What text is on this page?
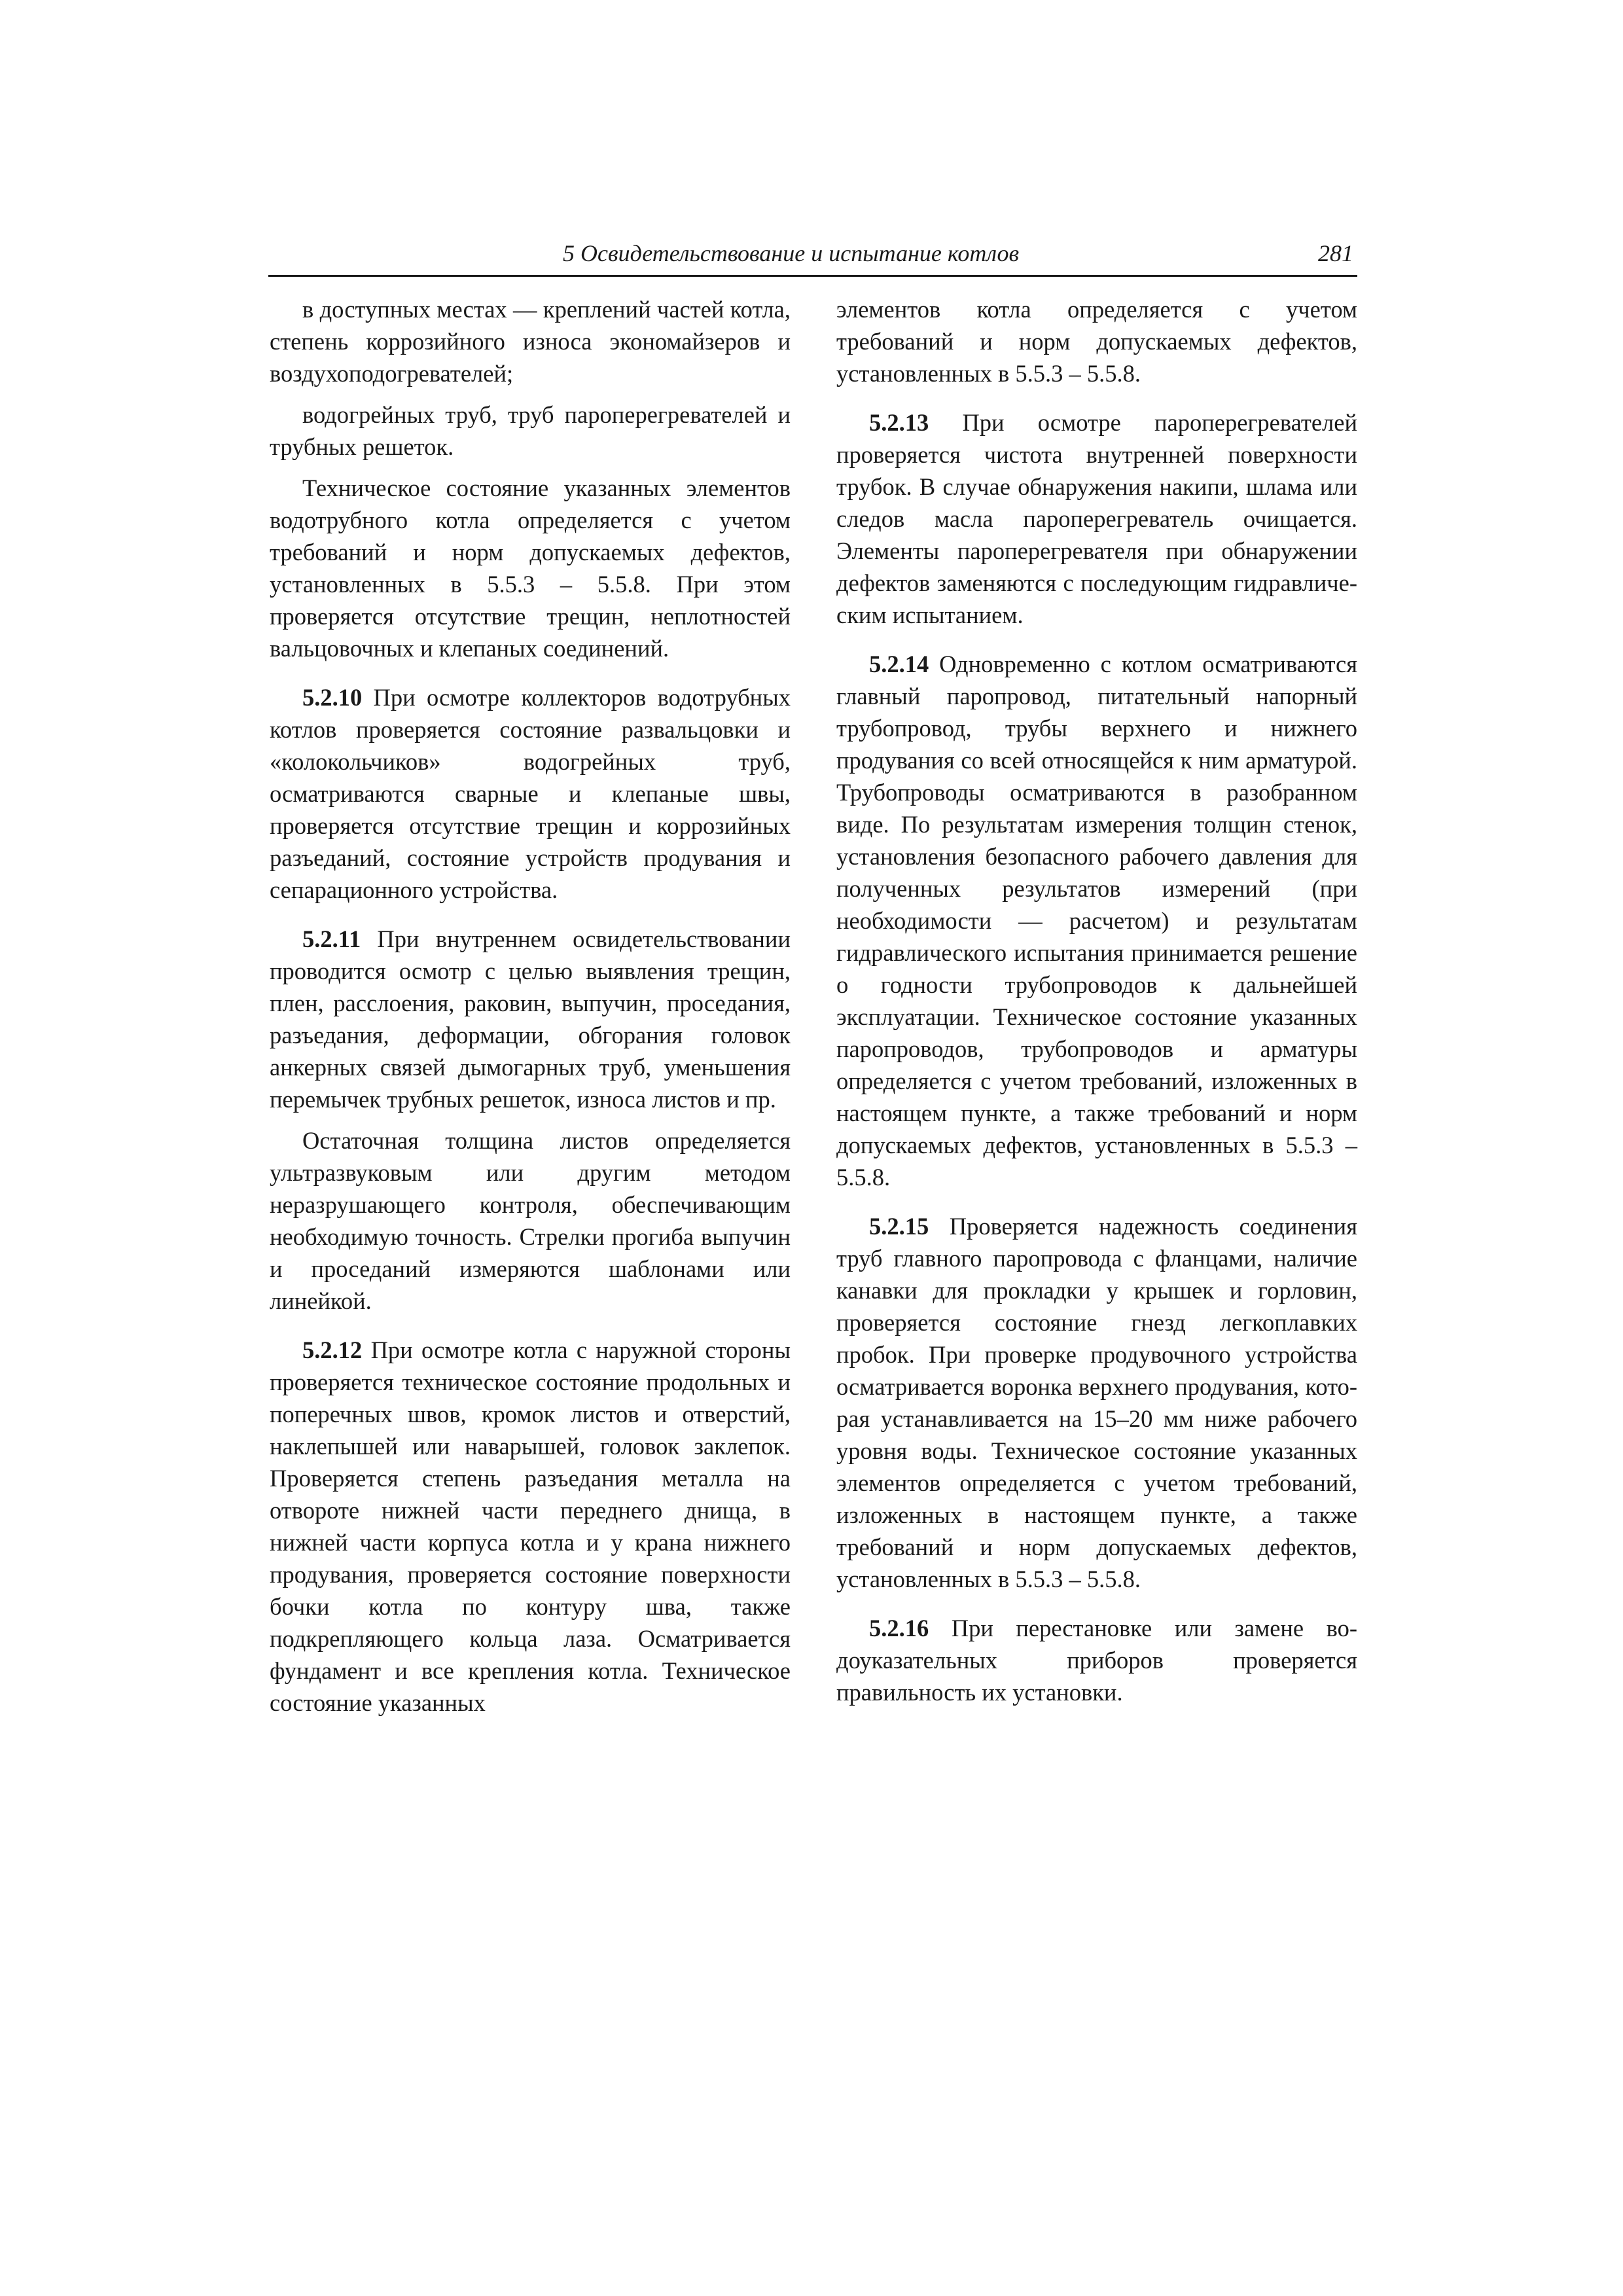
5 Освидетельствование и испытание котлов	281

в доступных местах — креплений частей котла, степень коррозийного износа экономайзеров и воздухоподогревателей;

водогрейных труб, труб пароперегревателей и трубных решеток.

Техническое состояние указанных элементов водотрубного котла определяется с учетом требований и норм допускаемых дефектов, установленных в 5.5.3 – 5.5.8. При этом проверяется отсутствие трещин, неплотностей вальцовочных и клепаных соединений.

5.2.10 При осмотре коллекторов водотрубных котлов проверяется состояние развальцовки и «колокольчиков» водогрейных труб, осматриваются сварные и клепаные швы, проверяется отсутствие трещин и коррозийных разъеданий, состояние устройств продувания и сепарационного устройства.

5.2.11 При внутреннем освидетельствовании проводится осмотр с целью выявления трещин, плен, расслоения, раковин, выпучин, проседания, разъедания, деформации, обгорания головок анкерных связей дымогарных труб, уменьшения перемычек трубных решеток, износа листов и пр.

Остаточная толщина листов определяется ультразвуковым или другим методом неразрушающего контроля, обеспечивающим необходимую точность. Стрелки прогиба выпучин и проседаний измеряются шаблонами или линейкой.

5.2.12 При осмотре котла с наружной стороны проверяется техническое состояние продольных и поперечных швов, кромок листов и отверстий, наклепышей или наварышей, головок заклепок. Проверяется степень разъедания металла на отвороте нижней части переднего днища, в нижней части корпуса котла и у крана нижнего продувания, проверяется состояние поверхности бочки котла по контуру шва, также подкрепляющего кольца лаза. Осматривается фундамент и все крепления котла. Техническое состояние указанных

элементов котла определяется с учетом требований и норм допускаемых дефектов, установленных в 5.5.3 – 5.5.8.

5.2.13 При осмотре пароперегревателей проверяется чистота внутренней поверхности трубок. В случае обнаружения накипи, шлама или следов масла пароперегреватель очищается. Элементы пароперегревателя при обнаружении дефектов заменяются с последующим гидравлическим испытанием.

5.2.14 Одновременно с котлом осматриваются главный паропровод, питательный напорный трубопровод, трубы верхнего и нижнего продувания со всей относящейся к ним арматурой. Трубопроводы осматриваются в разобранном виде. По результатам измерения толщин стенок, установления безопасного рабочего давления для полученных результатов измерений (при необходимости — расчетом) и результатам гидравлического испытания принимается решение о годности трубопроводов к дальнейшей эксплуатации. Техническое состояние указанных паропроводов, трубопроводов и арматуры определяется с учетом требований, изложенных в настоящем пункте, а также требований и норм допускаемых дефектов, установленных в 5.5.3 – 5.5.8.

5.2.15 Проверяется надежность соединения труб главного паропровода с фланцами, наличие канавки для прокладки у крышек и горловин, проверяется состояние гнезд легкоплавких пробок. При проверке продувочного устройства осматривается воронка верхнего продувания, которая устанавливается на 15–20 мм ниже рабочего уровня воды. Техническое состояние указанных элементов определяется с учетом требований, изложенных в настоящем пункте, а также требований и норм допускаемых дефектов, установленных в 5.5.3 – 5.5.8.

5.2.16 При перестановке или замене водоуказательных приборов проверяется правильность их установки.
